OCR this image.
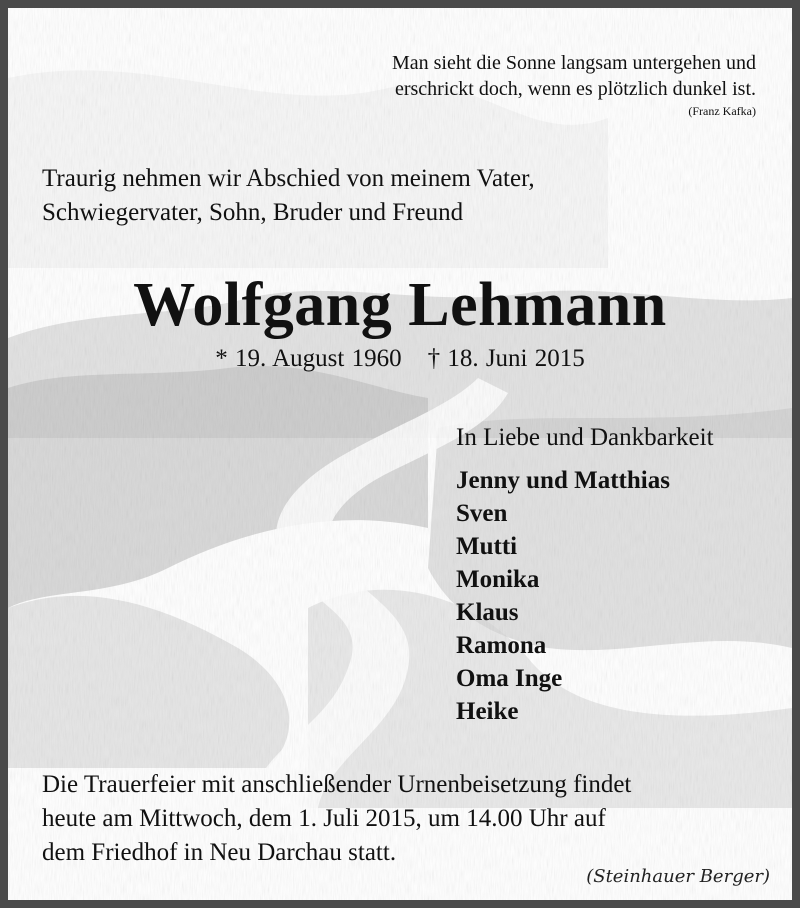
Man sieht die Sonne langsam untergehen und
erschrickt doch, wenn es plötzlich dunkel ist.
(Franz Kafka)
Traurig nehmen wir Abschied von meinem Vater,
Schwiegervater, Sohn, Bruder und Freund
Wolfgang Lehmann
* 19. August 1960 † 18. Juni 2015
In Liebe und Dankbarkeit
Jenny und Matthias
Sven
Mutti
Monika
Klaus
Ramona
Oma Inge
Heike
Die Trauerfeier mit anschließender Urnenbeisetzung findet
heute am Mittwoch, dem 1. Juli 2015, um 14.00 Uhr auf
dem Friedhof in Neu Darchau statt.
(Steinhauer Berger)
